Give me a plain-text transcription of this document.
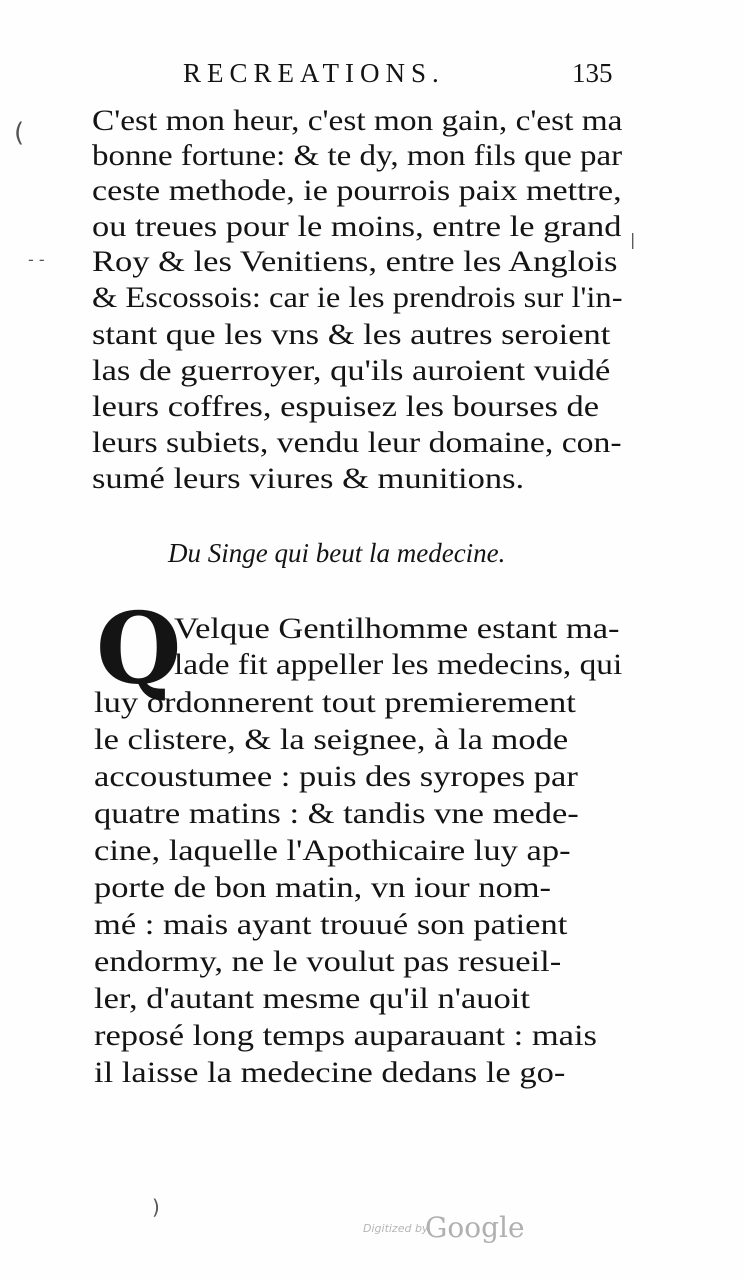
RECREATIONS.	135
(
- -
|
)
C'est mon heur, c'est mon gain, c'est ma
bonne fortune: & te dy, mon fils que par
ceste methode, ie pourrois paix mettre,
ou treues pour le moins, entre le grand
Roy & les Venitiens, entre les Anglois
& Escossois: car ie les prendrois sur l'in-
stant que les vns & les autres seroient
las de guerroyer, qu'ils auroient vuidé
leurs coffres, espuisez les bourses de
leurs subiets, vendu leur domaine, con-
sumé leurs viures & munitions.
Du Singe qui beut la medecine.
Q
Velque Gentilhomme estant ma-
lade fit appeller les medecins, qui
luy ordonnerent tout premierement
le clistere, & la seignee, à la mode
accoustumee : puis des syropes par
quatre matins : & tandis vne mede-
cine, laquelle l'Apothicaire luy ap-
porte de bon matin, vn iour nom-
mé : mais ayant trouué son patient
endormy, ne le voulut pas resueil-
ler, d'autant mesme qu'il n'auoit
reposé long temps auparauant : mais
il laisse la medecine dedans le go-
Digitized by
Google
